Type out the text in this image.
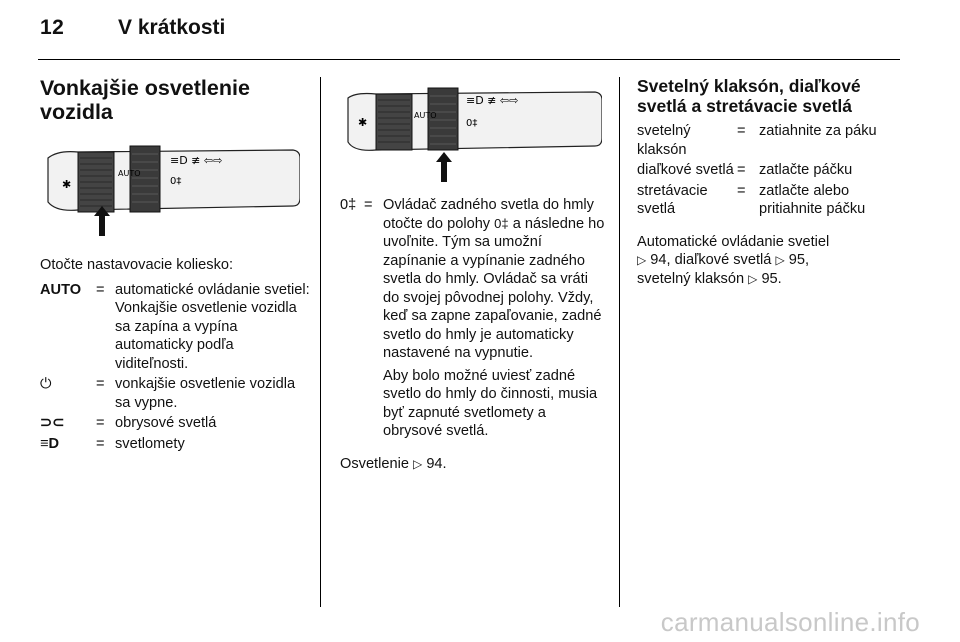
12	V krátkosti
Vonkajšie osvetlenie vozidla
✱
≡D ≢ ⇦⇨
0‡
AUTO
Otočte nastavovacie koliesko:
AUTO	= automatické ovládanie svetiel: Vonkajšie osvetlenie vozidla sa zapína a vypína automaticky podľa viditeľnosti.
⏻	= vonkajšie osvetlenie vozidla sa vypne.
⊃⊂	= obrysové svetlá
≡D	= svetlomety
✱
≡D ≢ ⇦⇨
0‡
AUTO
0‡ = Ovládač zadného svetla do hmly otočte do polohy 0‡ a následne ho uvoľnite. Tým sa umožní zapínanie a vypínanie zadného svetla do hmly. Ovládač sa vráti do svojej pôvodnej polohy. Vždy, keď sa zapne zapaľovanie, zadné svetlo do hmly je automaticky nastavené na vypnutie.
Aby bolo možné uviesť zadné svetlo do hmly do činnosti, musia byť zapnuté svetlomety a obrysové svetlá.
Osvetlenie ▷ 94.
Svetelný klaksón, diaľkové svetlá a stretávacie svetlá
svetelný klaksón
= zatiahnite za páku
diaľkové svetlá = zatlačte páčku
stretávacie svetlá
= zatlačte alebo pritiahnite páčku
Automatické ovládanie svetiel
▷ 94, diaľkové svetlá ▷ 95,
svetelný klaksón ▷ 95.
carmanualsonline.info
